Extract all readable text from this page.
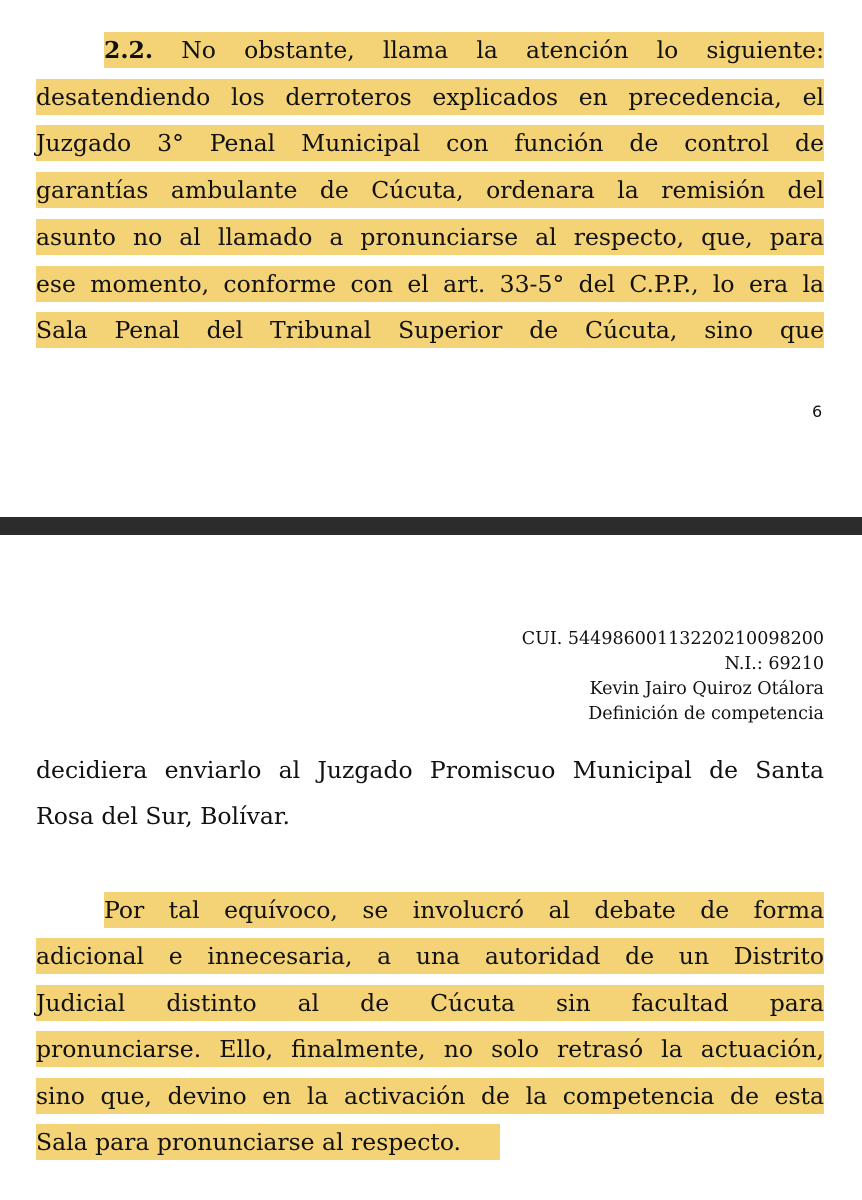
2.2. No obstante, llama la atención lo siguiente:
desatendiendo los derroteros explicados en precedencia, el
Juzgado 3° Penal Municipal con función de control de
garantías ambulante de Cúcuta, ordenara la remisión del
asunto no al llamado a pronunciarse al respecto, que, para
ese momento, conforme con el art. 33-5° del C.P.P., lo era la
Sala Penal del Tribunal Superior de Cúcuta, sino que
6
CUI. 54498600113220210098200
N.I.: 69210
Kevin Jairo Quiroz Otálora
Definición de competencia
decidiera enviarlo al Juzgado Promiscuo Municipal de Santa
Rosa del Sur, Bolívar.
Por tal equívoco, se involucró al debate de forma
adicional e innecesaria, a una autoridad de un Distrito
Judicial distinto al de Cúcuta sin facultad para
pronunciarse. Ello, finalmente, no solo retrasó la actuación,
sino que, devino en la activación de la competencia de esta
Sala para pronunciarse al respecto.
